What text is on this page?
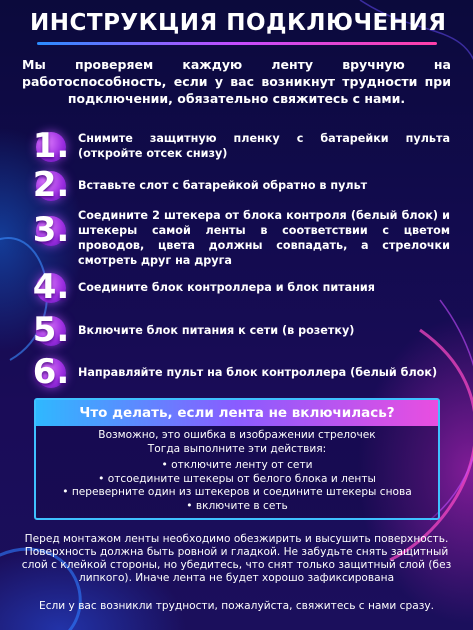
ИНСТРУКЦИЯ ПОДКЛЮЧЕНИЯ
Мы проверяем каждую ленту вручную на работоспособность, если у вас возникнут трудности при подключении, обязательно свяжитесь с нами.
1. Снимите защитную пленку с батарейки пульта (откройте отсек снизу)
2. Вставьте слот с батарейкой обратно в пульт
3. Соедините 2 штекера от блока контроля (белый блок) и штекеры самой ленты в соответствии с цветом проводов, цвета должны совпадать, а стрелочки смотреть друг на друга
4. Соедините блок контроллера и блок питания
5. Включите блок питания к сети (в розетку)
6. Направляйте пульт на блок контроллера (белый блок)
Что делать, если лента не включилась?
Возможно, это ошибка в изображении стрелочек
Тогда выполните эти действия:
• отключите ленту от сети
• отсоедините штекеры от белого блока и ленты
• переверните один из штекеров и соедините штекеры снова
• включите в сеть
Перед монтажом ленты необходимо обезжирить и высушить поверхность. Поверхность должна быть ровной и гладкой. Не забудьте снять защитный слой с клейкой стороны, но убедитесь, что снят только защитный слой (без липкого). Иначе лента не будет хорошо зафиксирована
Если у вас возникли трудности, пожалуйста, свяжитесь с нами сразу.
